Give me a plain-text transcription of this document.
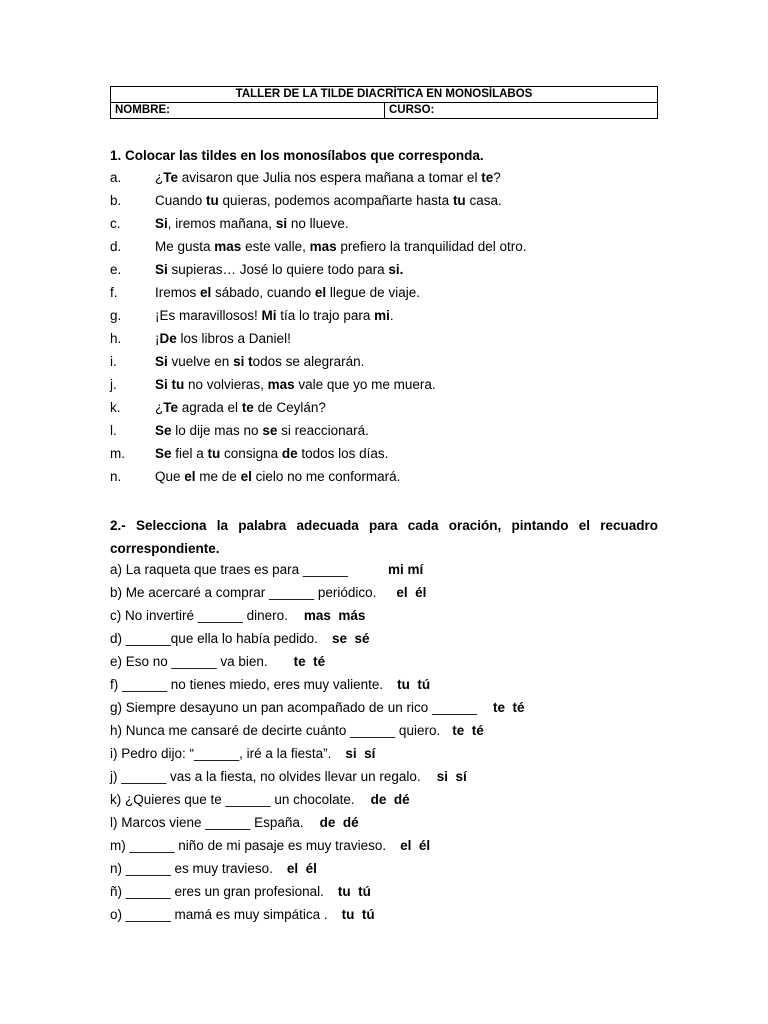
TALLER DE LA TILDE DIACRÍTICA EN MONOSÍLABOS
NOMBRE:	CURSO:
1. Colocar las tildes en los monosílabos que corresponda.
a. ¿Te avisaron que Julia nos espera mañana a tomar el te?
b. Cuando tu quieras, podemos acompañarte hasta tu casa.
c.	Si, iremos mañana, si no llueve.
d. Me gusta mas este valle, mas prefiero la tranquilidad del otro.
e. Si supieras… José lo quiere todo para si.
f.	Iremos el sábado, cuando el llegue de viaje.
g. ¡Es maravillosos! Mi tía lo trajo para mi.
h. ¡De los libros a Daniel!
i.	Si vuelve en si todos se alegrarán.
j.	Si tu no volvieras, mas vale que yo me muera.
k.	¿Te agrada el te de Ceylán?
l.	Se lo dije mas no se si reaccionará.
m. Se fiel a tu consigna de todos los días.
n. Que el me de el cielo no me conformará.
2.- Selecciona la palabra adecuada para cada oración, pintando el recuadro
correspondiente.
a) La raqueta que traes es para ______	mi mí
b) Me acercaré a comprar ______ periódico. el  él
c) No invertiré ______ dinero. mas  más
d) ______que ella lo había pedido. se  sé
e) Eso no ______ va bien. te  té
f) ______ no tienes miedo, eres muy valiente. tu  tú
g) Siempre desayuno un pan acompañado de un rico ______ te  té
h) Nunca me cansaré de decirte cuánto ______ quiero. te  té
i) Pedro dijo: “______, iré a la fiesta”. si  sí
j) ______ vas a la fiesta, no olvides llevar un regalo. si  sí
k) ¿Quieres que te ______ un chocolate. de  dé
l) Marcos viene ______ España. de  dé
m) ______ niño de mi pasaje es muy travieso. el  él
n) ______ es muy travieso. el  él
ñ) ______ eres un gran profesional. tu  tú
o) ______ mamá es muy simpática . tu  tú
